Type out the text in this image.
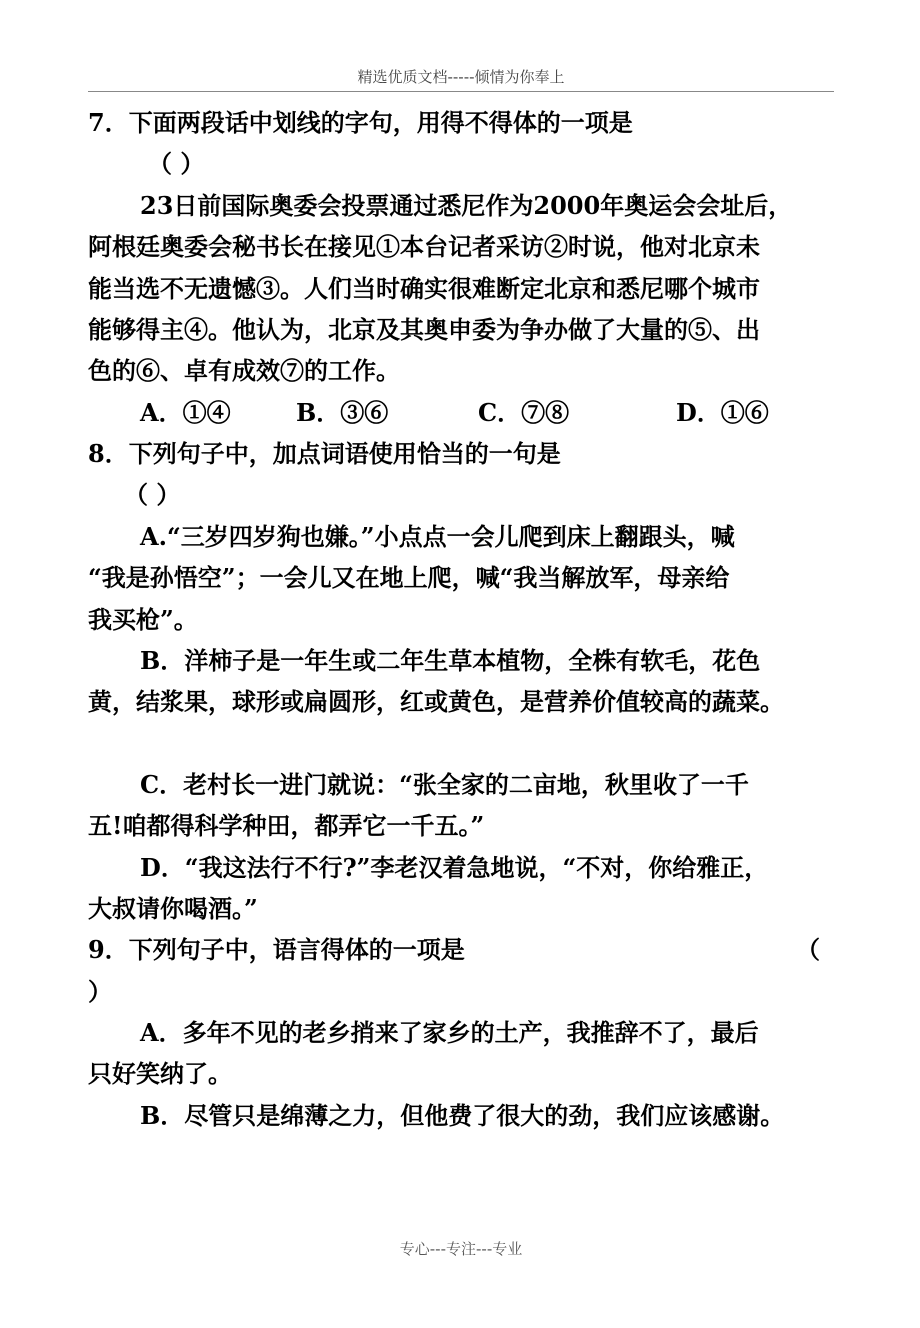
精选优质文档-----倾情为你奉上
7．下面两段话中划线的字句，用得不得体的一项是
（ ）
23日前国际奥委会投票通过悉尼作为2000年奥运会会址后，
阿根廷奥委会秘书长在接见①本台记者采访②时说，他对北京未
能当选不无遗憾③。人们当时确实很难断定北京和悉尼哪个城市
能够得主④。他认为，北京及其奥申委为争办做了大量的⑤、出
色的⑥、卓有成效⑦的工作。
A．①④	B．③⑥	C．⑦⑧	D．①⑥
8．下列句子中，加点词语使用恰当的一句是
（ ）
A.“三岁四岁狗也嫌。”小点点一会儿爬到床上翻跟头，喊
“我是孙悟空”；一会儿又在地上爬，喊“我当解放军，母亲给
我买枪”。
B．洋柿子是一年生或二年生草本植物，全株有软毛，花色
黄，结浆果，球形或扁圆形，红或黄色，是营养价值较高的蔬菜。
C．老村长一进门就说：“张全家的二亩地，秋里收了一千
五!咱都得科学种田，都弄它一千五。”
D．“我这法行不行?”李老汉着急地说，“不对，你给雅正，
大叔请你喝酒。”
9．下列句子中，语言得体的一项是	（
）
A．多年不见的老乡捎来了家乡的土产，我推辞不了，最后
只好笑纳了。
B．尽管只是绵薄之力，但他费了很大的劲，我们应该感谢。
专心---专注---专业
